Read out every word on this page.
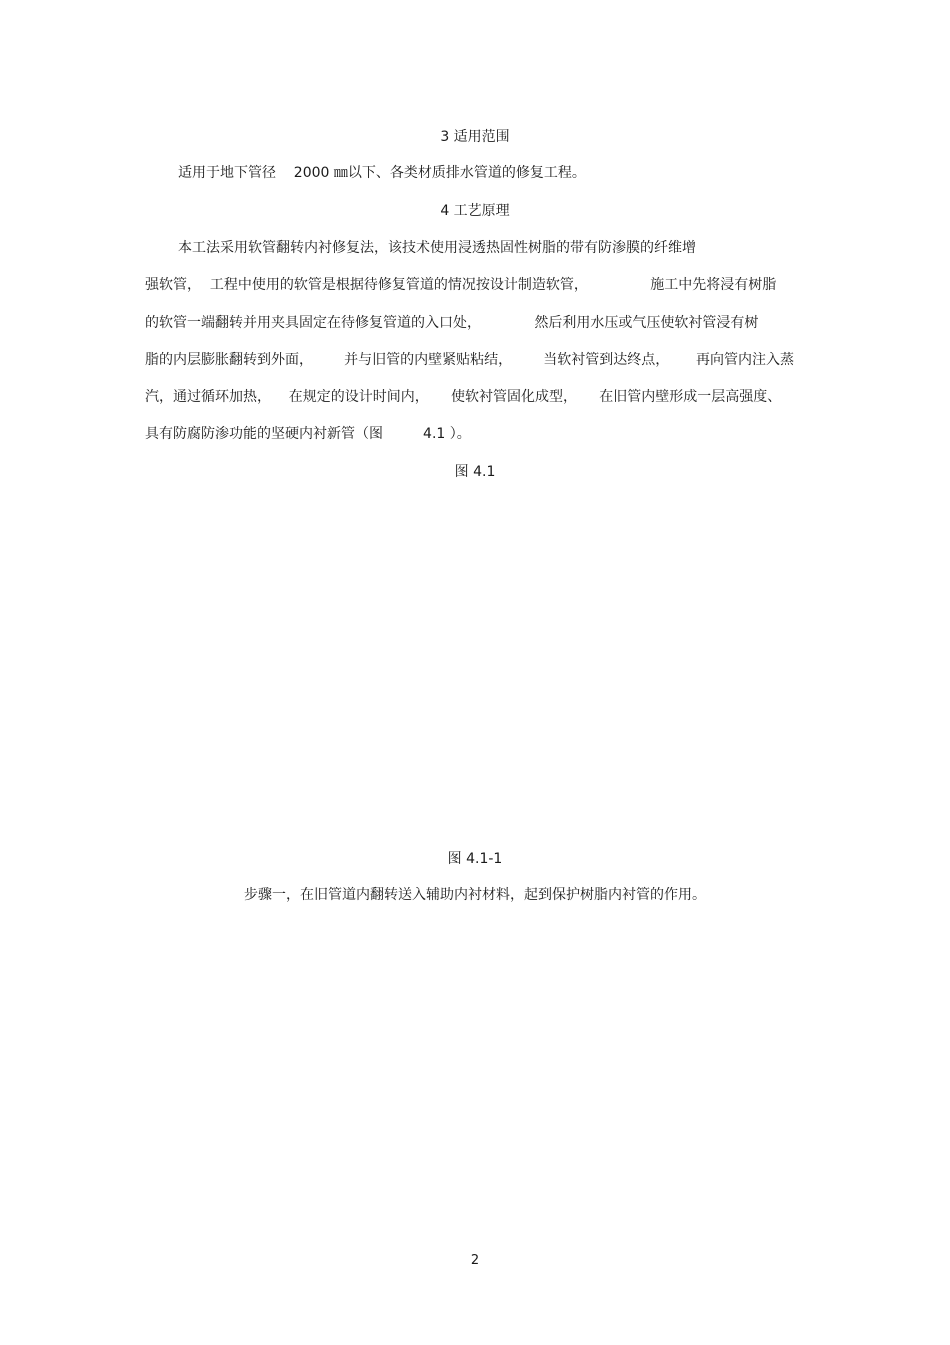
3 适用范围
适用于地下管径    2000 ㎜以下、各类材质排水管道的修复工程。
4 工艺原理
本工法采用软管翻转内衬修复法，该技术使用浸透热固性树脂的带有防渗膜的纤维增
强软管，  工程中使用的软管是根据待修复管道的情况按设计制造软管，              施工中先将浸有树脂
的软管一端翻转并用夹具固定在待修复管道的入口处，            然后利用水压或气压使软衬管浸有树
脂的内层膨胀翻转到外面，       并与旧管的内壁紧贴粘结，       当软衬管到达终点，      再向管内注入蒸
汽，通过循环加热，    在规定的设计时间内，     使软衬管固化成型，     在旧管内壁形成一层高强度、
具有防腐防渗功能的坚硬内衬新管（图         4.1 ）。
图 4.1
图 4.1-1
步骤一，在旧管道内翻转送入辅助内衬材料，起到保护树脂内衬管的作用。
2
